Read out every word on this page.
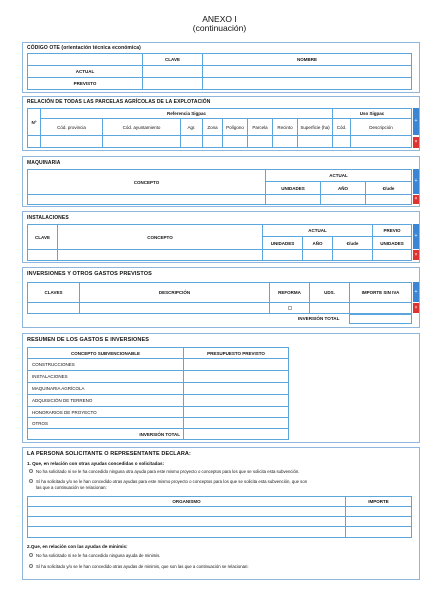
ANEXO I
(continuación)
CÓDIGO OTE (orientación técnica económica)
CLAVE	NOMBRE
ACTUAL
PREVISTO
RELACIÓN DE TODAS LAS PARCELAS AGRÍCOLAS DE LA EXPLOTACIÓN
Nº
Referencia Sigpac	Uso Sigpac
Cód. provincia	Cód. ayuntamiento	Agr.	Zona	Polígono	Parcela	Recinto	Superficie (ha)	Cód.	Descripción
+
×
MAQUINARIA
CONCEPTO
ACTUAL
UNIDADES	AÑO	€/ude
+
×
INSTALACIONES
CLAVE	CONCEPTO
ACTUAL	PREVIO
UNIDADES	AÑO	€/ude	UNIDADES
+
×
INVERSIONES Y OTROS GASTOS PREVISTOS
CLAVES	DESCRIPCIÓN	REFORMA	UDS.	IMPORTE SIN IVA	+
×
INVERSIÓN TOTAL
RESUMEN DE LOS GASTOS E INVERSIONES
CONCEPTO SUBVENCIONABLE	PRESUPUESTO PREVISTO
CONSTRUCCIONES
INSTALACIONES
MAQUINARIA AGRÍCOLA
ADQUISICIÓN DE TERRENO
HONORARIOS DE PROYECTO
OTROS
INVERSIÓN TOTAL
LA PERSONA SOLICITANTE O REPRESENTANTE DECLARA:
1. Que, en relación con otras ayudas concedidas o solicitadas:
No ha solicitado ni se le ha concedido ninguna otra ayuda para este mismo proyecto o conceptos para los que se solicita esta subvención.
Sí ha solicitado y/o se le han concedido otras ayudas para este mismo proyecto o conceptos para los que se solicita esta subvención, que son
las que a continuación se relacionan:
ORGANISMO	IMPORTE
2.Que, en relación con las ayudas de minimis:
No ha solicitado ni se le ha concedido ninguna ayuda de minimis.
Sí ha solicitado y/o se le han concedido otras ayudas de minimis, que son las que a continuación se relacionan:
